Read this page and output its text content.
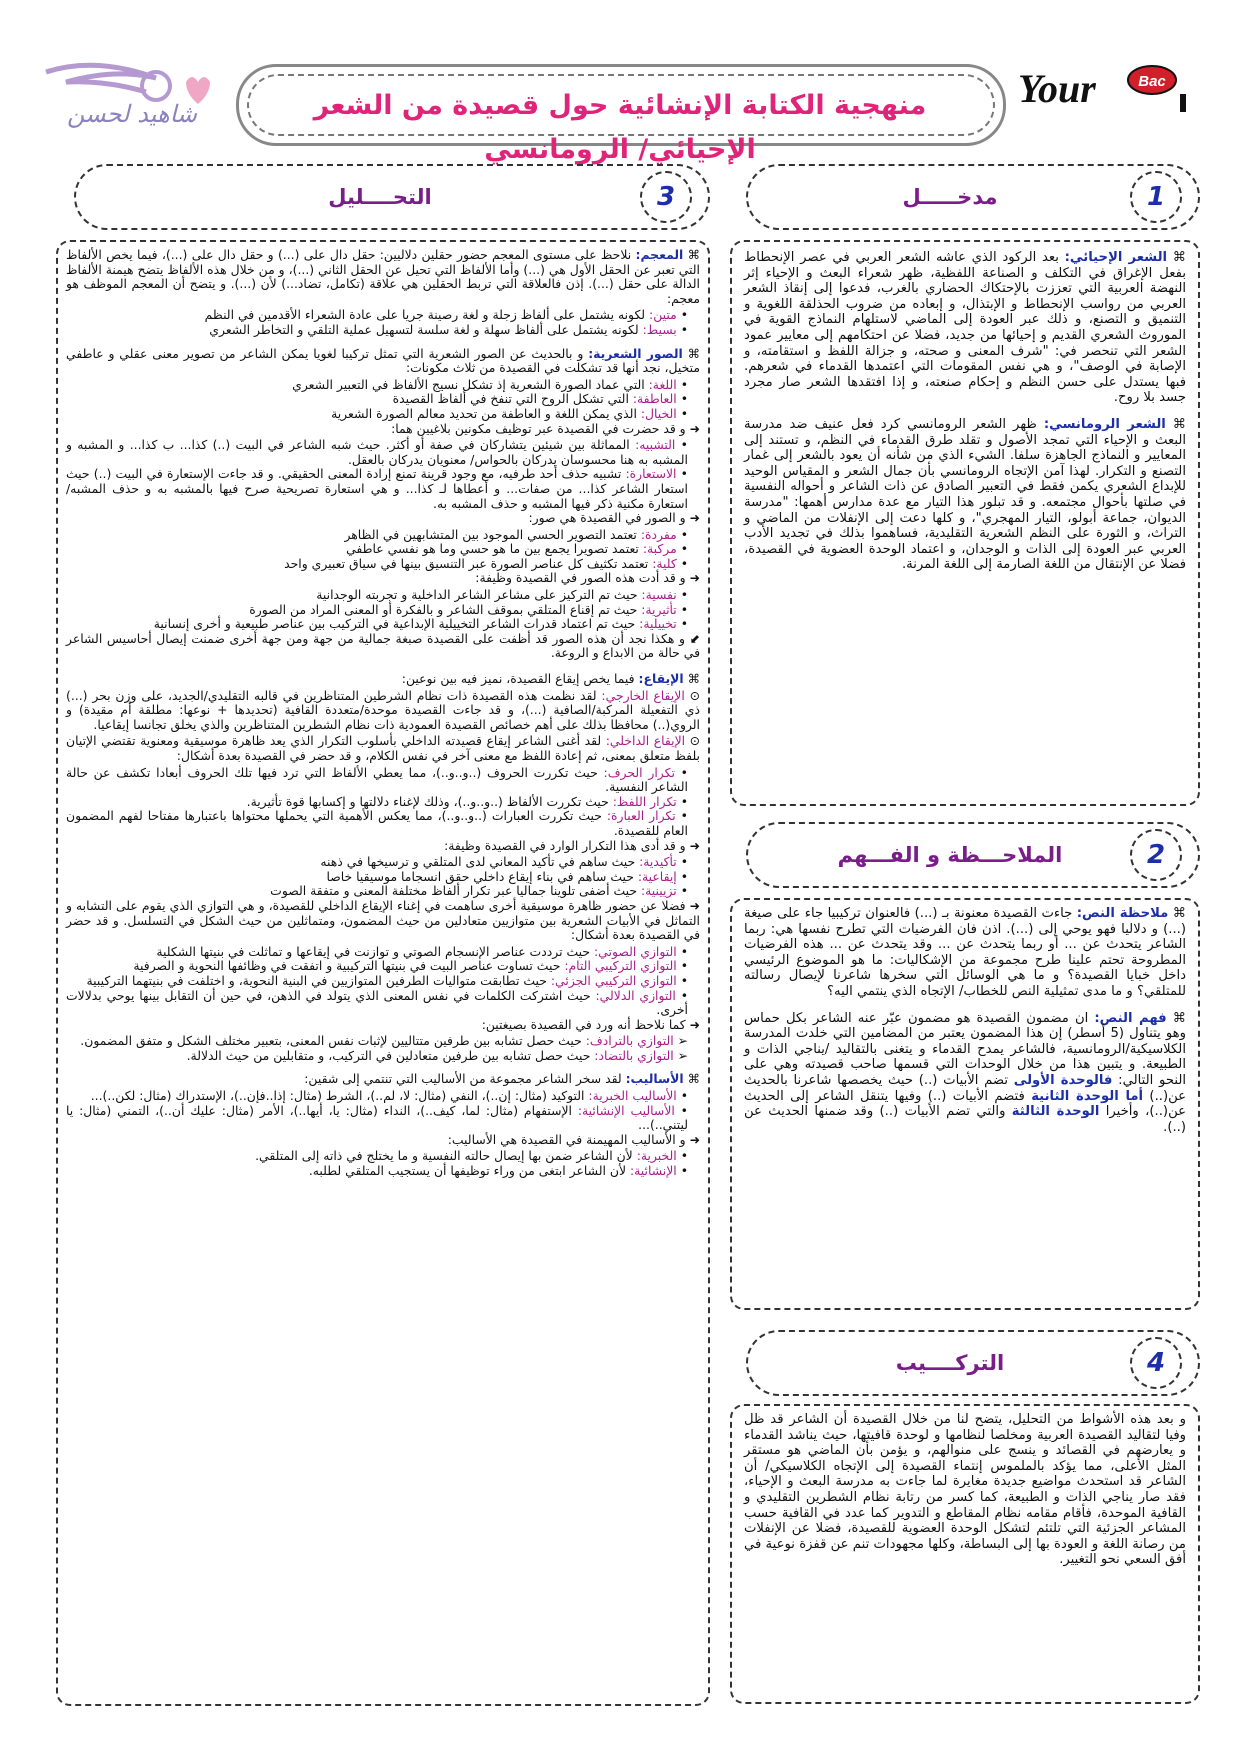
Your	Bac
منهجية الكتابة الإنشائية حول قصيدة من الشعر الإحيائي/ الرومانسي
شاهيد لحسن
1
مدخـــــل
3
التحــــليل
2
الملاحـــظة و الفـــهم
4
التركــــيب
⌘ الشعر الإحيائي: بعد الركود الذي عاشه الشعر العربي في عصر الإنحطاط بفعل الإغراق في التكلف و الصناعة اللفظية، ظهر شعراء البعث و الإحياء إثر النهضة العربية التي تعززت بالإحتكاك الحضاري بالغرب، فدعوا إلى إنقاذ الشعر العربي من رواسب الإنحطاط و الإبتذال، و إبعاده من ضروب الحذلقة اللغوية و التنميق و التصنع، و ذلك عبر العودة إلى الماضي لاستلهام النماذج القوية في الموروث الشعري القديم و إحيائها من جديد، فضلا عن احتكامهم إلى معايير عمود الشعر التي تنحصر في: "شرف المعنى و صحته، و جزالة اللفظ و استقامته، و الإصابة في الوصف"، و هي نفس المقومات التي اعتمدها القدماء في شعرهم. فبها يستدل على حسن النظم و إحكام صنعته، و إذا افتقدها الشعر صار مجرد جسد بلا روح.
⌘ الشعر الرومانسي: ظهر الشعر الرومانسي كرد فعل عنيف ضد مدرسة البعث و الإحياء التي تمجد الأصول و تقلد طرق القدماء في النظم، و تستند إلى المعايير و النماذج الجاهزة سلفا. الشيء الذي من شأنه أن يعود بالشعر إلى غمار التصنع و التكرار. لهذا آمن الإتجاه الرومانسي بأن جمال الشعر و المقياس الوحيد للإبداع الشعري يكمن فقط في التعبير الصادق عن ذات الشاعر و أحواله النفسية في صلتها بأحوال مجتمعه. و قد تبلور هذا التيار مع عدة مدارس أهمها: "مدرسة الديوان، جماعة أبولو، التيار المهجري"، و كلها دعت إلى الإنفلات من الماضي و التراث، و الثورة على النظم الشعرية التقليدية، فساهموا بذلك في تجديد الأدب العربي عبر العودة إلى الذات و الوجدان، و اعتماد الوحدة العضوية في القصيدة، فضلا عن الإنتقال من اللغة الصارمة إلى اللغة المرنة.
⌘ ملاحظة النص: جاءت القصيدة معنونة بـ (...) فالعنوان تركيبيا جاء على صيغة (...) و دلاليا فهو يوحي إلى (...). اذن فان الفرضيات التي تطرح نفسها هي: ربما الشاعر يتحدث عن ... أو ربما يتحدث عن ... وقد يتحدث عن ... هذه الفرضيات المطروحة تحتم علينا طرح مجموعة من الإشكاليات: ما هو الموضوع الرئيسي داخل خبايا القصيدة؟ و ما هي الوسائل التي سخرها شاعرنا لإيصال رسالته للمتلقي؟ و ما مدى تمثيلية النص للخطاب/ الإتجاه الذي ينتمي اليه؟
⌘ فهم النص: ان مضمون القصيدة هو مضمون عبّر عنه الشاعر بكل حماس وهو يتناول (5 أسطر) إن هذا المضمون يعتبر من المضامين التي خلدت المدرسة الكلاسيكية/الرومانسية، فالشاعر يمدح القدماء و يتغنى بالتقاليد /يناجي الذات و الطبيعة. و يتبين هذا من خلال الوحدات التي قسمها صاحب قصيدته وهي على النحو التالي: فالوحدة الأولى تضم الأبيات (..) حيث يخصصها شاعرنا بالحديث عن(..) أما الوحدة الثانية فتضم الأبيات (..) وفيها يتنقل الشاعر إلى الحديث عن(..)، وأخيرا الوحدة الثالثة والتي تضم الأبيات (..) وقد ضمنها الحديث عن (..).
و بعد هذه الأشواط من التحليل، يتضح لنا من خلال القصيدة أن الشاعر قد ظل وفيا لتقاليد القصيدة العربية ومخلصا لنظامها و لوحدة قافيتها، حيث يناشد القدماء و يعارضهم في القصائد و ينسج على منوالهم، و يؤمن بأن الماضي هو مستقر المثل الأعلى، مما يؤكد بالملموس إنتماء القصيدة إلى الإتجاه الكلاسيكي/ أن الشاعر قد استحدث مواضيع جديدة مغايرة لما جاءت به مدرسة البعث و الإحياء، فقد صار يناجي الذات و الطبيعة، كما كسر من رتابة نظام الشطرين التقليدي و القافية الموحدة، فأقام مقامه نظام المقاطع و التدوير كما عدد في القافية حسب المشاعر الجزئية التي تلتئم لتشكل الوحدة العضوية للقصيدة، فضلا عن الإنفلات من رصانة اللغة و العودة بها إلى البساطة، وكلها مجهودات تنم عن قفزة نوعية في أفق السعي نحو التغيير.
⌘ المعجم: نلاحظ على مستوى المعجم حضور حقلين دلاليين: حقل دال على (...) و حقل دال على (...)، فيما يخص الألفاظ التي تعبر عن الحقل الأول هي (...) وأما الألفاظ التي تحيل عن الحقل الثاني (...)، و من خلال هذه الألفاظ يتضح هيمنة الألفاظ الدالة على حقل (...). إذن فالعلاقة التي تربط الحقلين هي علاقة (تكامل، تضاد...) لأن (...). و يتضح أن المعجم الموظف هو معجم:
• متين: لكونه يشتمل على ألفاظ زجلة و لغة رصينة جريا على عادة الشعراء الأقدمين في النظم
• بسيط: لكونه يشتمل على ألفاظ سهلة و لغة سلسة لتسهيل عملية التلقي و التخاطر الشعري
⌘ الصور الشعرية: و بالحديث عن الصور الشعرية التي تمثل تركيبا لغويا يمكن الشاعر من تصوير معنى عقلي و عاطفي متخيل، نجد أنها قد تشكلت في القصيدة من ثلاث مكونات:
• اللغة: التي عماد الصورة الشعرية إذ تشكل نسيج الألفاظ في التعبير الشعري
• العاطفة: التي تشكل الروح التي تنفخ في ألفاظ القصيدة
• الخيال: الذي يمكن اللغة و العاطفة من تحديد معالم الصورة الشعرية
➜ و قد حضرت في القصيدة عبر توظيف مكونين بلاغيين هما:
• التشبيه: المماثلة بين شيئين يتشاركان في صفة أو أكثر. حيث شبه الشاعر في البيت (..) كذا... ب كذا... و المشبه و المشبه به هنا محسوسان يدركان بالحواس/ معنويان يدركان بالعقل.
• الاستعارة: تشبيه حذف أحد طرفيه، مع وجود قرينة تمنع إرادة المعنى الحقيقي. و قد جاءت الإستعارة في البيت (..) حيث استعار الشاعر كذا... من صفات... و أعطاها لـ كذا... و هي استعارة تصريحية صرح فيها بالمشبه به و حذف المشبه/ استعارة مكنية ذكر فيها المشبه و حذف المشبه به.
➜ و الصور في القصيدة هي صور:
• مفردة: تعتمد التصوير الحسي الموجود بين المتشابهين في الظاهر
• مركبة: تعتمد تصويرا يجمع بين ما هو حسي وما هو نفسي عاطفي
• كلية: تعتمد تكثيف كل عناصر الصورة عبر التنسيق بينها في سياق تعبيري واحد
➜ و قد أدت هذه الصور في القصيدة وظيفة:
• نفسية: حيث تم التركيز على مشاعر الشاعر الداخلية و تجربته الوجدانية
• تأثيرية: حيث تم إقناع المتلقي بموقف الشاعر و بالفكرة أو المعنى المراد من الصورة
• تخييلية: حيث تم اعتماد قدرات الشاعر التخييلية الإبداعية في التركيب بين عناصر طبيعية و أخرى إنسانية
⬋ و هكذا نجد أن هذه الصور قد أظفت على القصيدة صبغة جمالية من جهة ومن جهة أخرى ضمنت إيصال أحاسيس الشاعر في حالة من الابداع و الروعة.
⌘ الإيقاع: فيما يخص إيقاع القصيدة، نميز فيه بين نوعين:
⊙ الإيقاع الخارجي: لقد نظمت هذه القصيدة ذات نظام الشرطين المتناظرين في قالبه التقليدي/الجديد، على وزن بحر (...) ذي التفعيلة المركبة/الصافية (...)، و قد جاءت القصيدة موحدة/متعددة القافية (تحديدها + نوعها: مطلقة أم مقيدة) و الروي(..) محافظا بذلك على أهم خصائص القصيدة العمودية ذات نظام الشطرين المتناظرين والذي يخلق تجانسا إيقاعيا.
⊙ الإيقاع الداخلي: لقد أغنى الشاعر إيقاع قصيدته الداخلي بأسلوب التكرار الذي يعد ظاهرة موسيقية ومعنوية تقتضي الإتيان بلفظ متعلق بمعنى، ثم إعادة اللفظ مع معنى آخر في نفس الكلام، و قد حضر في القصيدة بعدة أشكال:
• تكرار الحرف: حيث تكررت الحروف (..و..و..)، مما يعطي الألفاظ التي ترد فيها تلك الحروف أبعادا تكشف عن حالة الشاعر النفسية.
• تكرار اللفظ: حيث تكررت الألفاظ (..و..و..)، وذلك لإغناء دلالتها و إكسابها قوة تأثيرية.
• تكرار العبارة: حيث تكررت العبارات (..و..و..)، مما يعكس الأهمية التي يحملها محتواها باعتبارها مفتاحا لفهم المضمون العام للقصيدة.
➜ و قد أدى هذا التكرار الوارد في القصيدة وظيفة:
• تأكيدية: حيث ساهم في تأكيد المعاني لدى المتلقي و ترسيخها في ذهنه
• إيقاعية: حيث ساهم في بناء إيقاع داخلي حقق انسجاما موسيقيا خاصا
• تزيينية: حيث أضفى تلوينا جماليا عبر تكرار ألفاظ مختلفة المعنى و متفقة الصوت
➜ فضلا عن حضور ظاهرة موسيقية أخرى ساهمت في إغناء الإيقاع الداخلي للقصيدة، و هي التوازي الذي يقوم على التشابه و التماثل في الأبيات الشعرية بين متوازيين متعادلين من حيث المضمون، ومتماثلين من حيث الشكل في التسلسل. و قد حضر في القصيدة بعدة أشكال:
• التوازي الصوتي: حيث ترددت عناصر الإنسجام الصوتي و توازنت في إيقاعها و تماثلت في بنيتها الشكلية
• التوازي التركيبي التام: حيث تساوت عناصر البيت في بنيتها التركيبية و اتفقت في وظائفها النحوية و الصرفية
• التوازي التركيبي الجزئي: حيث تطابقت متواليات الطرفين المتوازيين في البنية النحوية، و اختلفت في بنيتهما التركيبية
• التوازي الدلالي: حيث اشتركت الكلمات في نفس المعنى الذي يتولد في الذهن، في حين أن التقابل بينها يوحي بدلالات أخرى.
➜ كما نلاحظ أنه ورد في القصيدة بصيغتين:
➢ التوازي بالترادف: حيث حصل تشابه بين طرفين متتاليين لإثبات نفس المعنى، بتعبير مختلف الشكل و متفق المضمون.
➢ التوازي بالتضاد: حيث حصل تشابه بين طرفين متعادلين في التركيب، و متقابلين من حيث الدلالة.
⌘ الأساليب: لقد سخر الشاعر مجموعة من الأساليب التي تنتمي إلى شقين:
• الأساليب الخبرية: التوكيد (مثال: إن..)، النفي (مثال: لا، لم..)، الشرط (مثال: إذا..فإن..)، الإستدراك (مثال: لكن..)...
• الأساليب الإنشائية: الإستفهام (مثال: لما، كيف..)، النداء (مثال: يا، أيها..)، الأمر (مثال: عليك أن..)، التمني (مثال: يا ليتني..)...
➜ و الأساليب المهيمنة في القصيدة هي الأساليب:
• الخبرية: لأن الشاعر ضمن بها إيصال حالته النفسية و ما يختلج في ذاته إلى المتلقي.
• الإنشائية: لأن الشاعر ابتغى من وراء توظيفها أن يستجيب المتلقي لطلبه.
